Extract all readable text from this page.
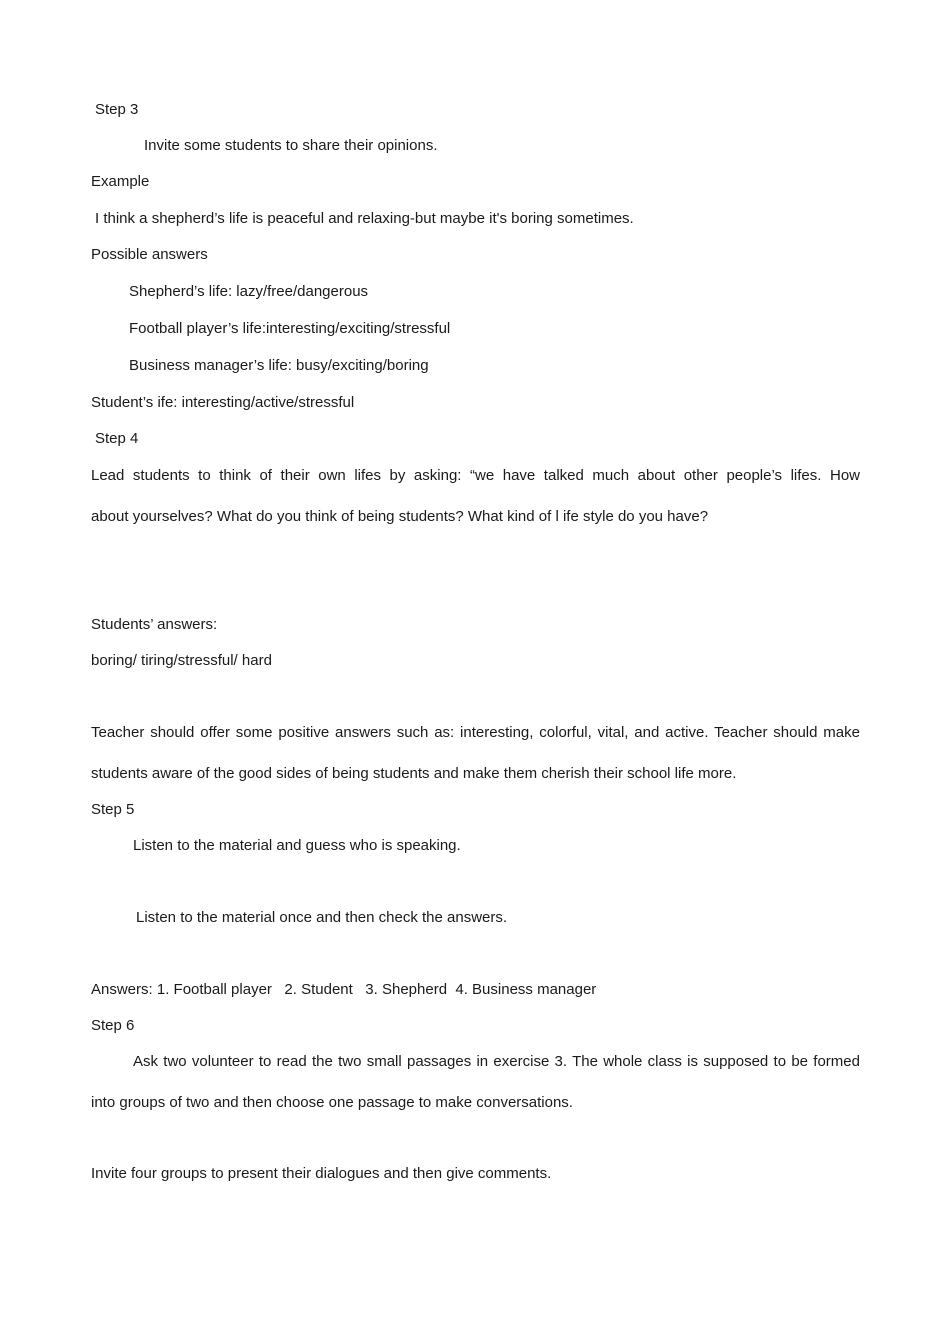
Step 3
Invite some students to share their opinions.
Example
I think a shepherd’s life is peaceful and relaxing-but maybe it's boring sometimes.
Possible answers
Shepherd’s life: lazy/free/dangerous
Football player’s life:interesting/exciting/stressful
Business manager’s life: busy/exciting/boring
Student’s ife: interesting/active/stressful
Step 4
Lead students to think of their own lifes by asking: “we have talked much about other people’s lifes. How
about yourselves? What do you think of being students? What kind of l ife style do you have?
Students’ answers:
boring/ tiring/stressful/ hard
Teacher should offer some positive answers such as: interesting, colorful, vital, and active. Teacher should make
students aware of the good sides of being students and make them cherish their school life more.
Step 5
Listen to the material and guess who is speaking.
Listen to the material once and then check the answers.
Answers: 1. Football player   2. Student   3. Shepherd  4. Business manager
Step 6
Ask two volunteer to read the two small passages in exercise 3. The whole class is supposed to be formed
into groups of two and then choose one passage to make conversations.
Invite four groups to present their dialogues and then give comments.
